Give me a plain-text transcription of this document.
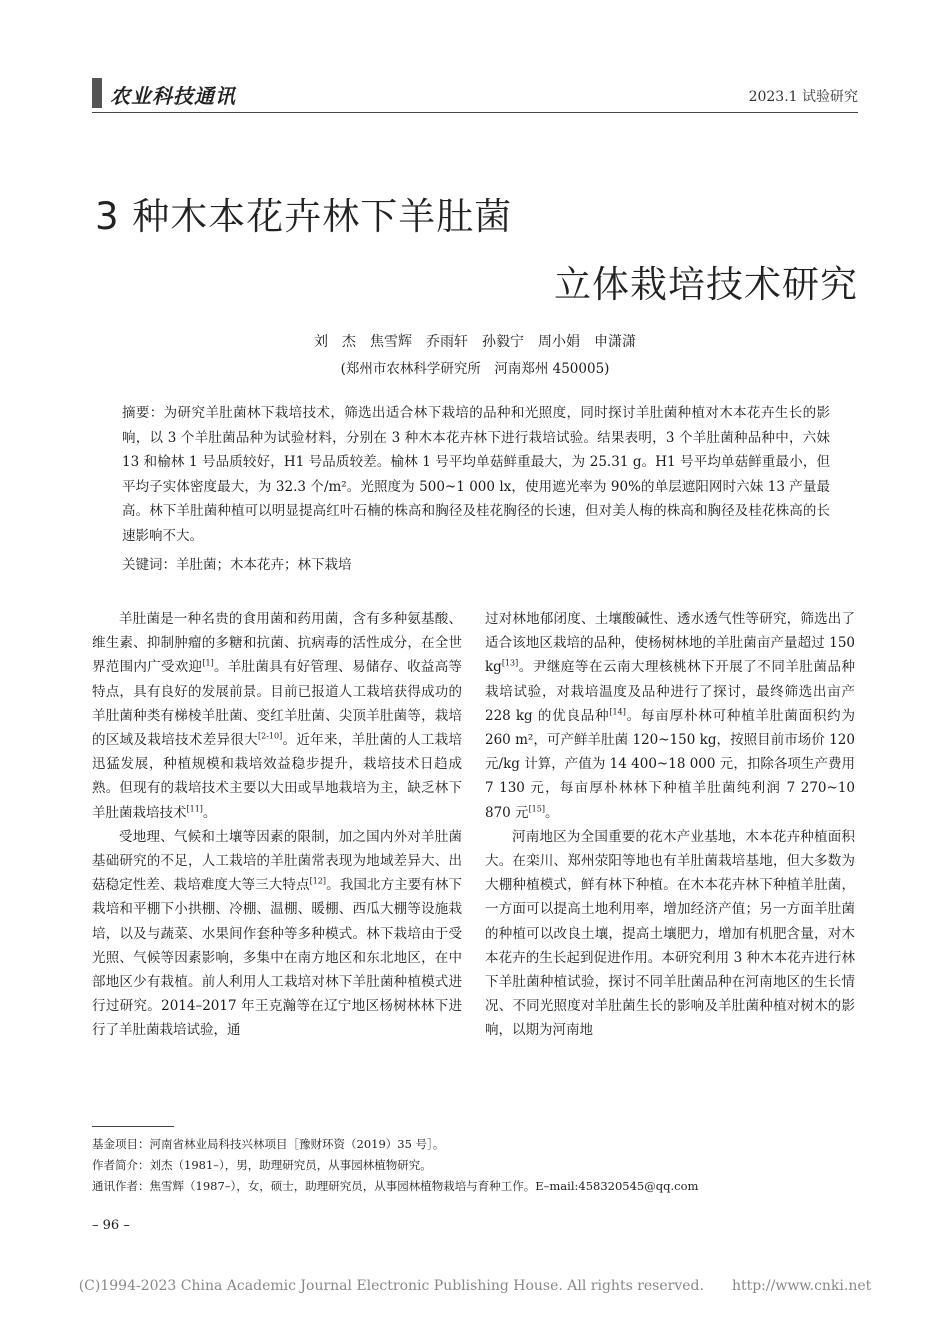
农业科技通讯	2023.1 试验研究
3 种木本花卉林下羊肚菌
立体栽培技术研究
刘　杰　焦雪辉　乔雨轩　孙毅宁　周小娟　申潇潇
(郑州市农林科学研究所　河南郑州 450005)
摘要：为研究羊肚菌林下栽培技术，筛选出适合林下栽培的品种和光照度，同时探讨羊肚菌种植对木本花卉生长的影响，以 3 个羊肚菌品种为试验材料，分别在 3 种木本花卉林下进行栽培试验。结果表明，3 个羊肚菌种品种中，六妹 13 和榆林 1 号品质较好，H1 号品质较差。榆林 1 号平均单菇鲜重最大，为 25.31 g。H1 号平均单菇鲜重最小，但平均子实体密度最大，为 32.3 个/m²。光照度为 500~1 000 lx，使用遮光率为 90%的单层遮阳网时六妹 13 产量最高。林下羊肚菌种植可以明显提高红叶石楠的株高和胸径及桂花胸径的长速，但对美人梅的株高和胸径及桂花株高的长速影响不大。
关键词：羊肚菌；木本花卉；林下栽培

羊肚菌是一种名贵的食用菌和药用菌，含有多种氨基酸、维生素、抑制肿瘤的多糖和抗菌、抗病毒的活性成分，在全世界范围内广受欢迎[1]。羊肚菌具有好管理、易储存、收益高等特点，具有良好的发展前景。目前已报道人工栽培获得成功的羊肚菌种类有梯棱羊肚菌、变红羊肚菌、尖顶羊肚菌等，栽培的区域及栽培技术差异很大[2-10]。近年来，羊肚菌的人工栽培迅猛发展，种植规模和栽培效益稳步提升，栽培技术日趋成熟。但现有的栽培技术主要以大田或旱地栽培为主，缺乏林下羊肚菌栽培技术[11]。

受地理、气候和土壤等因素的限制，加之国内外对羊肚菌基础研究的不足，人工栽培的羊肚菌常表现为地域差异大、出菇稳定性差、栽培难度大等三大特点[12]。我国北方主要有林下栽培和平棚下小拱棚、冷棚、温棚、暖棚、西瓜大棚等设施栽培，以及与蔬菜、水果间作套种等多种模式。林下栽培由于受光照、气候等因素影响，多集中在南方地区和东北地区，在中部地区少有栽植。前人利用人工栽培对林下羊肚菌种植模式进行过研究。2014–2017 年王克瀚等在辽宁地区杨树林林下进行了羊肚菌栽培试验，通

过对林地郁闭度、土壤酸碱性、透水透气性等研究，筛选出了适合该地区栽培的品种，使杨树林地的羊肚菌亩产量超过 150 kg[13]。尹继庭等在云南大理核桃林下开展了不同羊肚菌品种栽培试验，对栽培温度及品种进行了探讨，最终筛选出亩产 228 kg 的优良品种[14]。每亩厚朴林可种植羊肚菌面积约为 260 m²，可产鲜羊肚菌 120~150 kg，按照目前市场价 120 元/kg 计算，产值为 14 400~18 000 元，扣除各项生产费用 7 130 元，每亩厚朴林林下种植羊肚菌纯利润 7 270~10 870 元[15]。

河南地区为全国重要的花木产业基地，木本花卉种植面积大。在栾川、郑州荥阳等地也有羊肚菌栽培基地，但大多数为大棚种植模式，鲜有林下种植。在木本花卉林下种植羊肚菌，一方面可以提高土地利用率，增加经济产值；另一方面羊肚菌的种植可以改良土壤，提高土壤肥力，增加有机肥含量，对木本花卉的生长起到促进作用。本研究利用 3 种木本花卉进行林下羊肚菌种植试验，探讨不同羊肚菌品种在河南地区的生长情况、不同光照度对羊肚菌生长的影响及羊肚菌种植对树木的影响，以期为河南地

基金项目：河南省林业局科技兴林项目［豫财环资（2019）35 号］。
作者简介：刘杰（1981–），男，助理研究员，从事园林植物研究。
通讯作者：焦雪辉（1987–），女，硕士，助理研究员，从事园林植物栽培与育种工作。E–mail:458320545@qq.com
– 96 –
(C)1994-2023 China Academic Journal Electronic Publishing House. All rights reserved.　　http://www.cnki.net
